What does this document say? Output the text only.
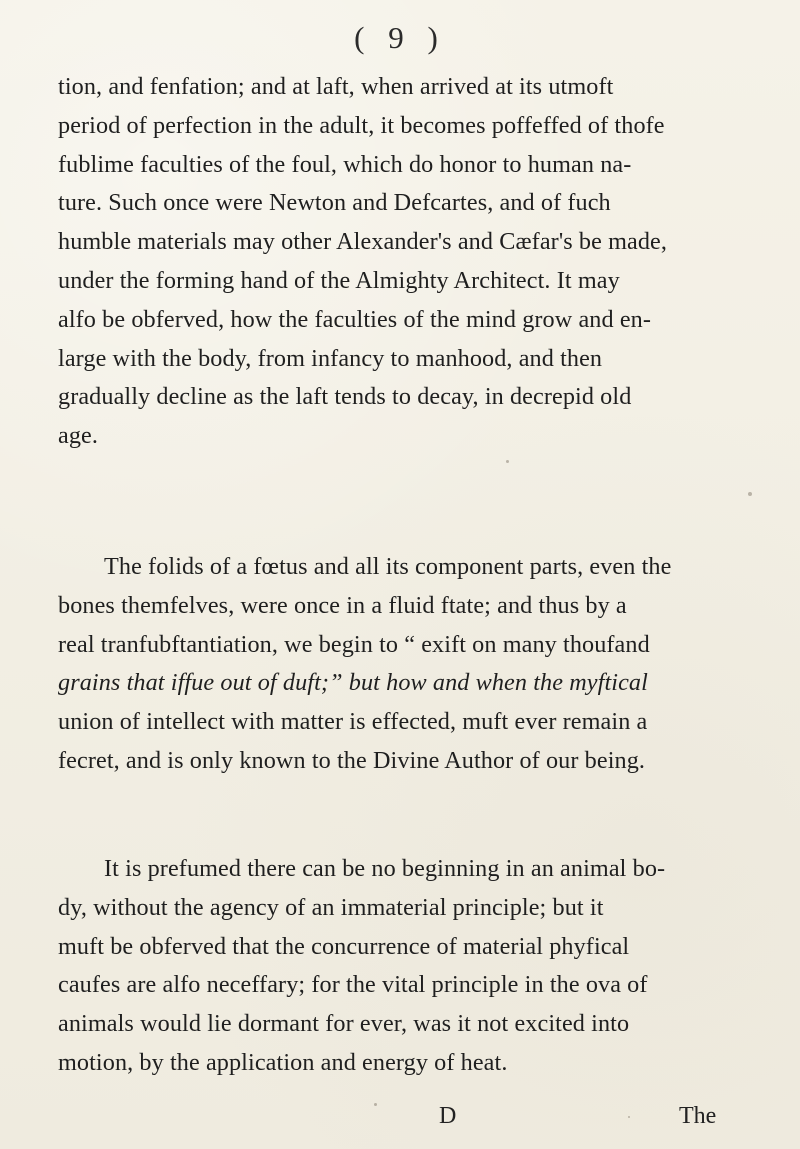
( 9 )
tion, and fenfation; and at laft, when arrived at its utmoft
period of perfection in the adult, it becomes poffeffed of thofe
fublime faculties of the foul, which do honor to human na-
ture. Such once were Newton and Defcartes, and of fuch
humble materials may other Alexander's and Cæfar's be made,
under the forming hand of the Almighty Architect. It may
alfo be obferved, how the faculties of the mind grow and en-
large with the body, from infancy to manhood, and then
gradually decline as the laft tends to decay, in decrepid old
age.
The folids of a fœtus and all its component parts, even the
bones themfelves, were once in a fluid ftate; and thus by a
real tranfubftantiation, we begin to “ exift on many thoufand
grains that iffue out of duft;” but how and when the myftical
union of intellect with matter is effected, muft ever remain a
fecret, and is only known to the Divine Author of our being.
It is prefumed there can be no beginning in an animal bo-
dy, without the agency of an immaterial principle; but it
muft be obferved that the concurrence of material phyfical
caufes are alfo neceffary; for the vital principle in the ova of
animals would lie dormant for ever, was it not excited into
motion, by the application and energy of heat.
D	The
